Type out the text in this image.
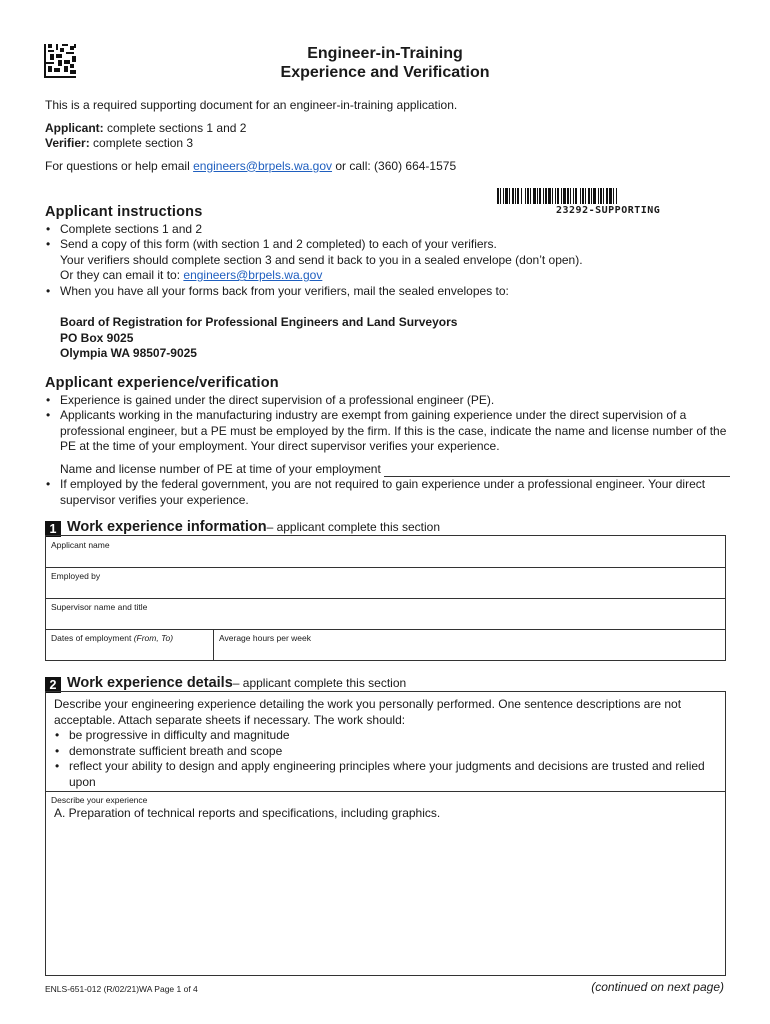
Engineer-in-Training
Experience and Verification
This is a required supporting document for an engineer-in-training application.
Applicant: complete sections 1 and 2
Verifier: complete section 3
For questions or help email engineers@brpels.wa.gov or call: (360) 664-1575
23292-SUPPORTING
Applicant instructions
• Complete sections 1 and 2
• Send a copy of this form (with section 1 and 2 completed) to each of your verifiers.
Your verifiers should complete section 3 and send it back to you in a sealed envelope (don’t open).
Or they can email it to: engineers@brpels.wa.gov
• When you have all your forms back from your verifiers, mail the sealed envelopes to:
Board of Registration for Professional Engineers and Land Surveyors
PO Box 9025
Olympia WA 98507-9025
Applicant experience/verification
• Experience is gained under the direct supervision of a professional engineer (PE).
• Applicants working in the manufacturing industry are exempt from gaining experience under the direct supervision of a professional engineer, but a PE must be employed by the firm. If this is the case, indicate the name and license number of the PE at the time of your employment. Your direct supervisor verifies your experience.
Name and license number of PE at time of your employment
• If employed by the federal government, you are not required to gain experience under a professional engineer. Your direct supervisor verifies your experience.
1 Work experience information– applicant complete this section
Applicant name
Employed by
Supervisor name and title
Dates of employment (From, To)	Average hours per week
2 Work experience details– applicant complete this section
Describe your engineering experience detailing the work you personally performed. One sentence descriptions are not acceptable. Attach separate sheets if necessary. The work should:
• be progressive in difficulty and magnitude
• demonstrate sufficient breath and scope
• reflect your ability to design and apply engineering principles where your judgments and decisions are trusted and relied upon
Describe your experience
A. Preparation of technical reports and specifications, including graphics.
ENLS-651-012 (R/02/21)WA Page 1 of 4	(continued on next page)
